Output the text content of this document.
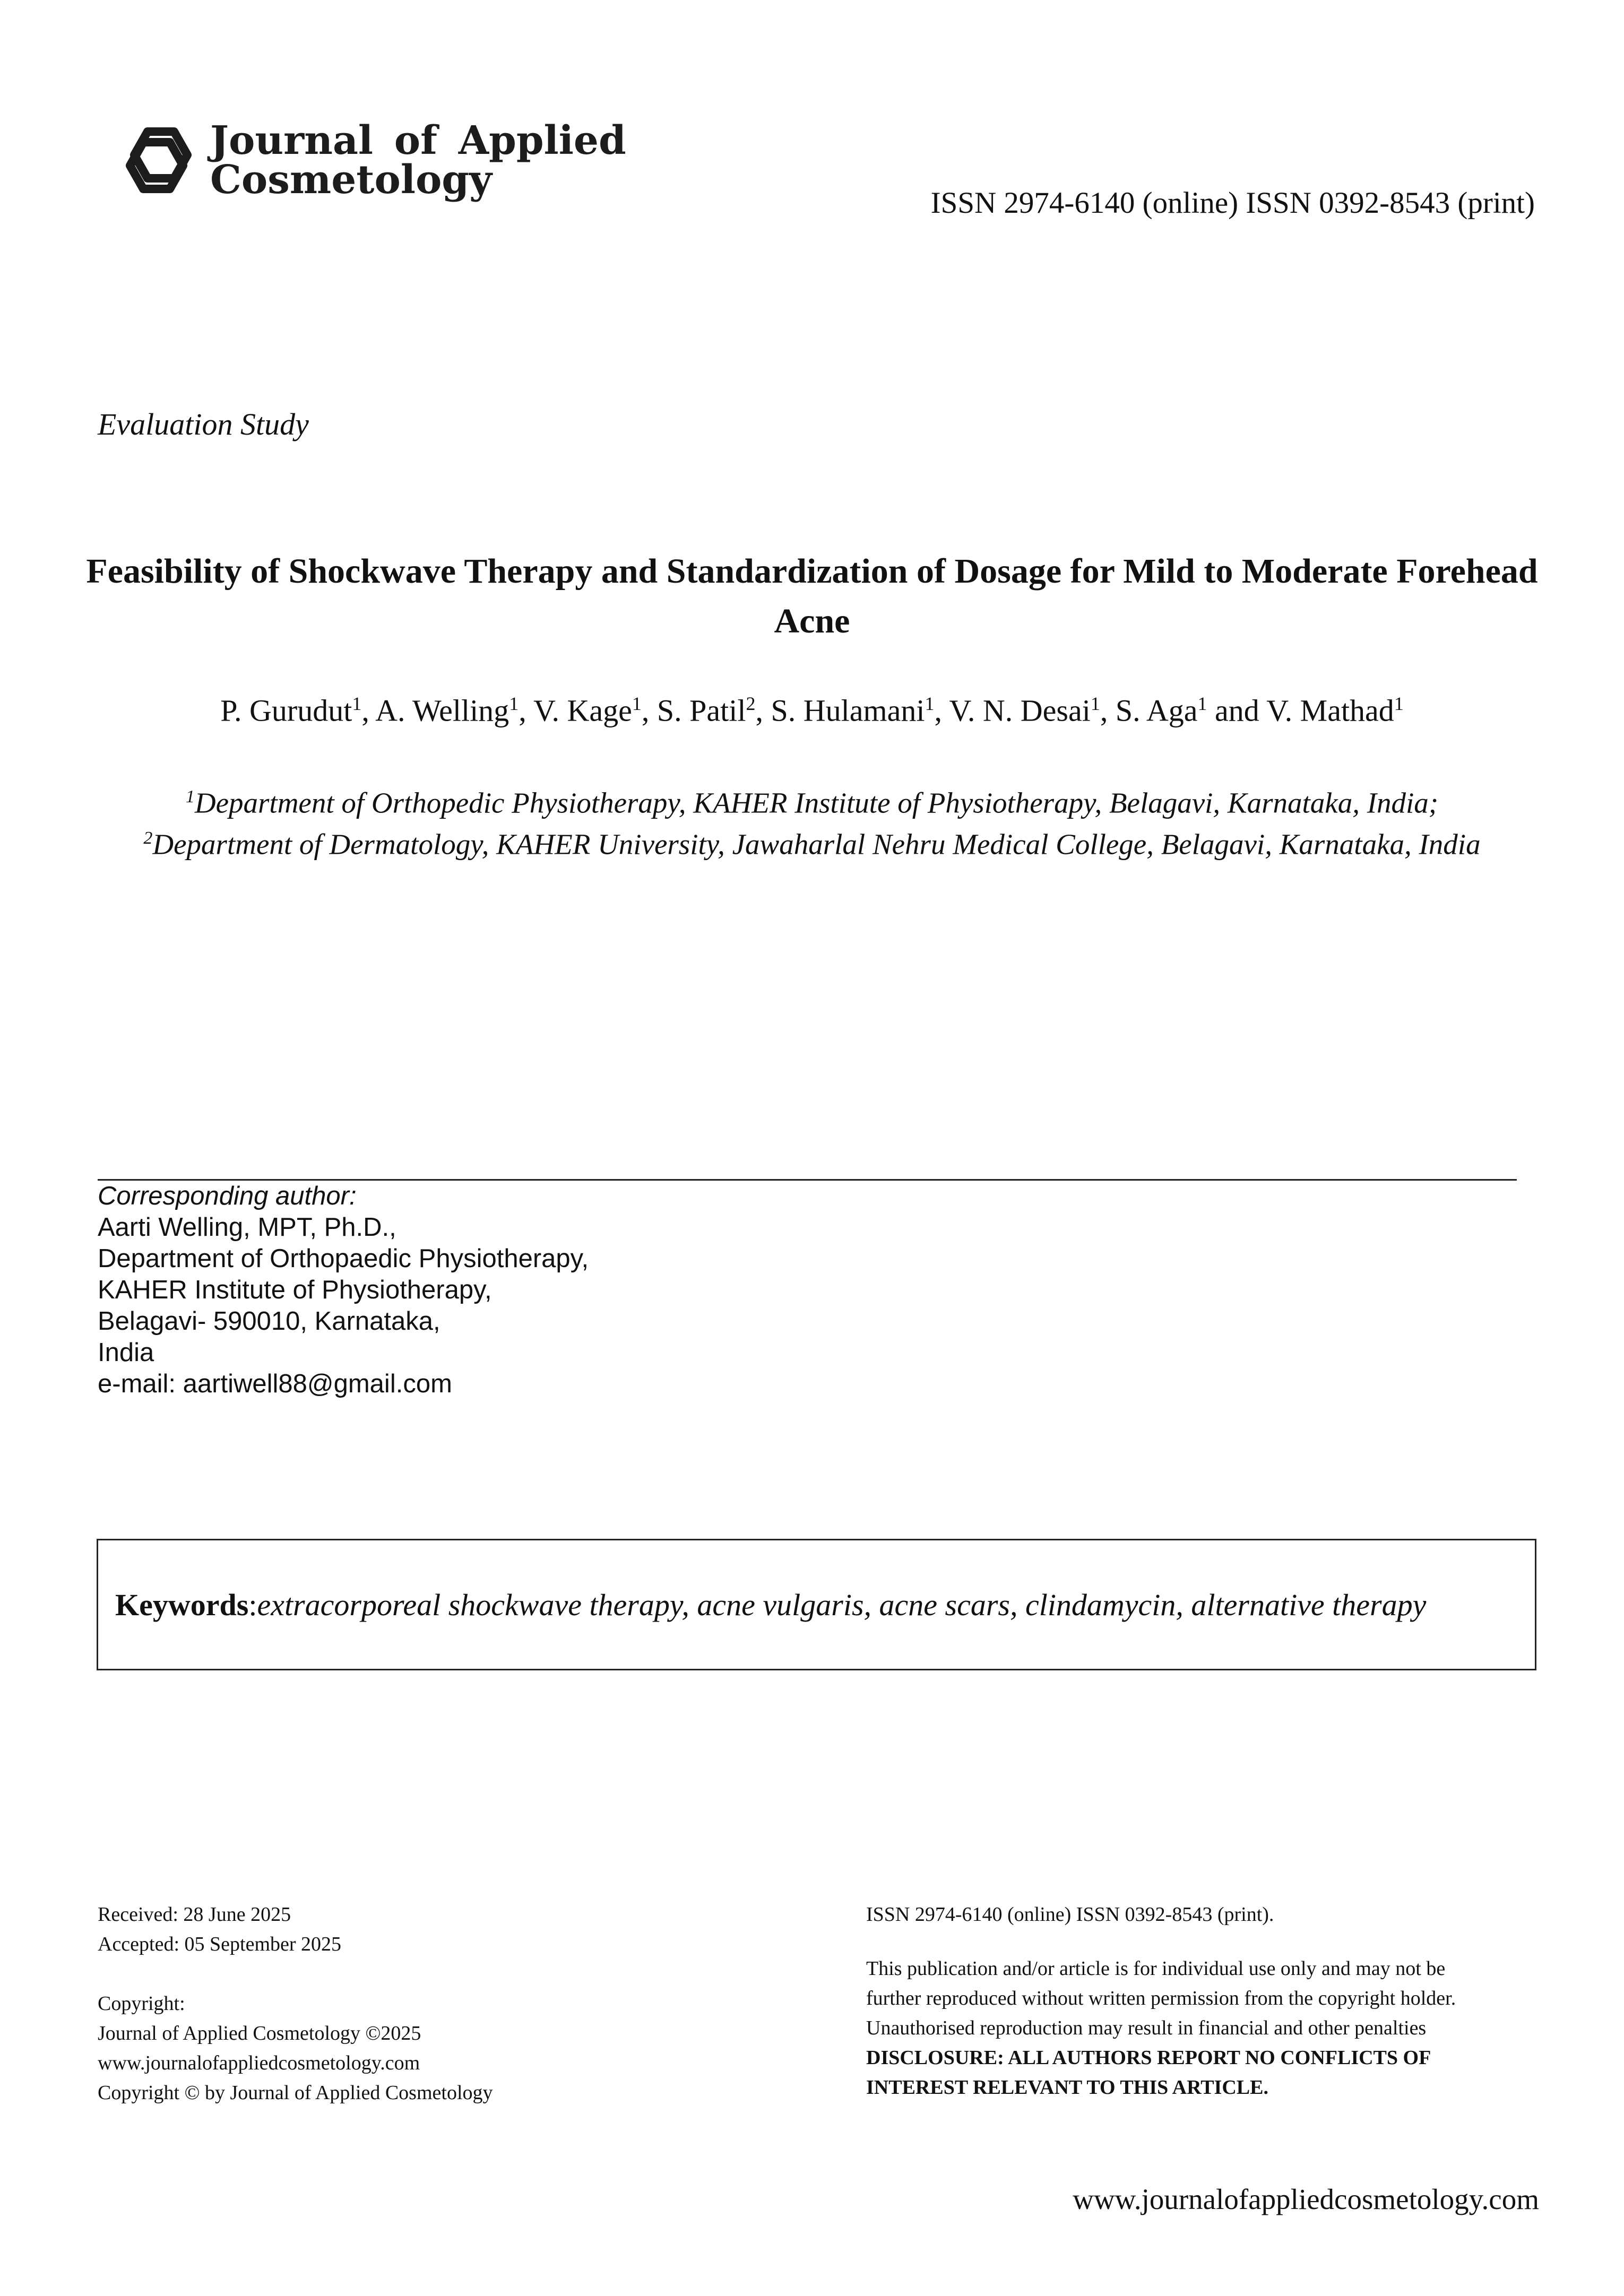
Journal of Applied
Cosmetology
ISSN 2974-6140 (online) ISSN 0392-8543 (print)
Evaluation Study
Feasibility of Shockwave Therapy and Standardization of Dosage for Mild to Moderate Forehead Acne
P. Gurudut$^1$, A. Welling$^1$, V. Kage$^1$, S. Patil$^2$, S. Hulamani$^1$, V. N. Desai$^1$, S. Aga$^1$ and V. Mathad$^1$
$^1$Department of Orthopedic Physiotherapy, KAHER Institute of Physiotherapy, Belagavi, Karnataka, India;
$^2$Department of Dermatology, KAHER University, Jawaharlal Nehru Medical College, Belagavi, Karnataka, India
Corresponding author:
Aarti Welling, MPT, Ph.D.,
Department of Orthopaedic Physiotherapy,
KAHER Institute of Physiotherapy,
Belagavi- 590010, Karnataka,
India
e-mail: aartiwell88@gmail.com
Keywords : extracorporeal shockwave therapy, acne vulgaris, acne scars, clindamycin, alternative therapy
Received: 28 June 2025
Accepted: 05 September 2025
Copyright:
Journal of Applied Cosmetology ©2025
www.journalofappliedcosmetology.com
Copyright © by Journal of Applied Cosmetology
ISSN 2974-6140 (online) ISSN 0392-8543 (print).
This publication and/or article is for individual use only and may not be
further reproduced without written permission from the copyright holder.
Unauthorised reproduction may result in financial and other penalties
DISCLOSURE: ALL AUTHORS REPORT NO CONFLICTS OF
INTEREST RELEVANT TO THIS ARTICLE.
www.journalofappliedcosmetology.com
